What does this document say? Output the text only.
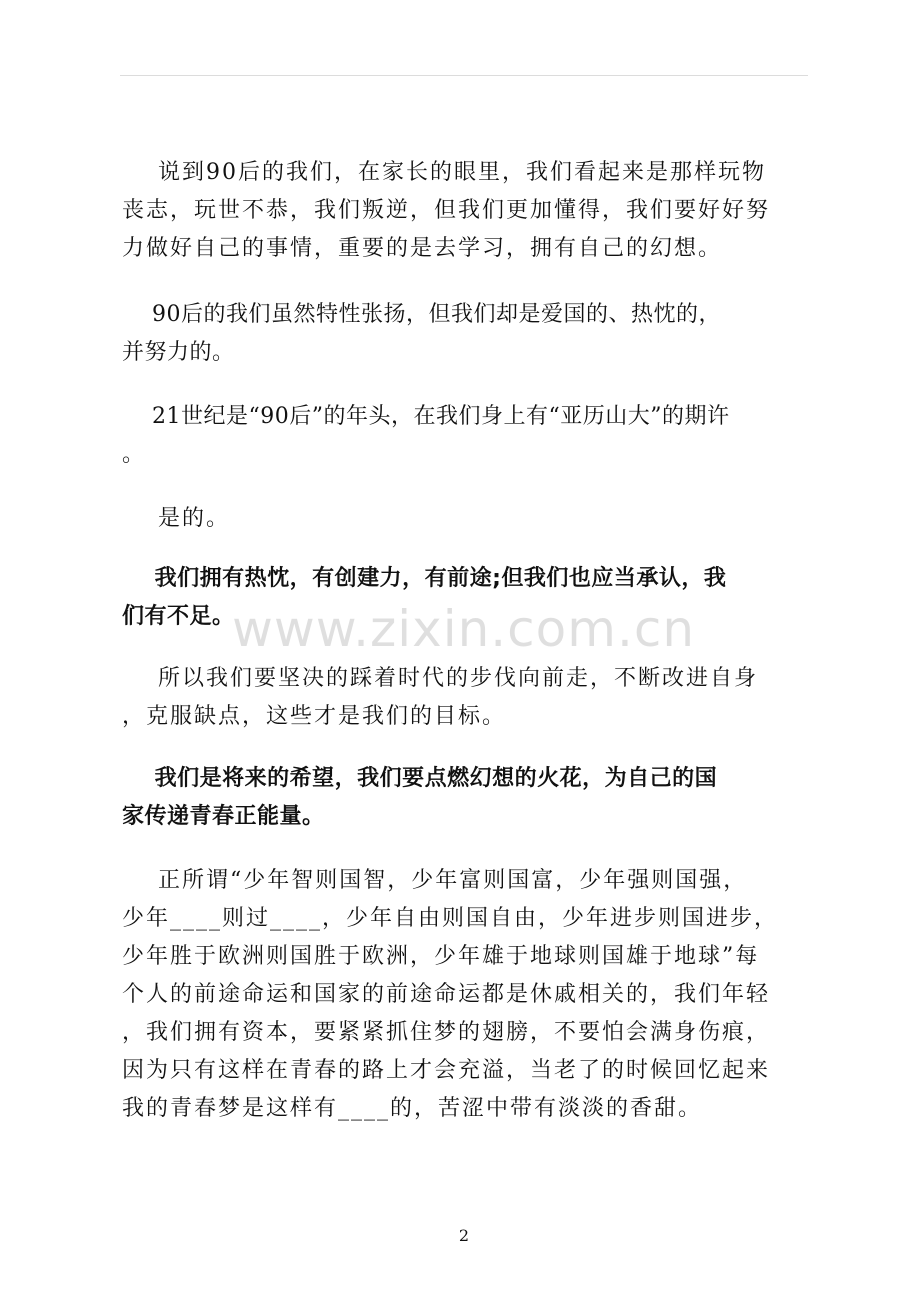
说到90后的我们，在家长的眼里，我们看起来是那样玩物
丧志，玩世不恭，我们叛逆，但我们更加懂得，我们要好好努
力做好自己的事情，重要的是去学习，拥有自己的幻想。
90后的我们虽然特性张扬，但我们却是爱国的、热忱的，
并努力的。
21世纪是“90后”的年头，在我们身上有“亚历山大”的期许
。
是的。
我们拥有热忱，有创建力，有前途;但我们也应当承认，我
们有不足。
所以我们要坚决的踩着时代的步伐向前走，不断改进自身
，克服缺点，这些才是我们的目标。
我们是将来的希望，我们要点燃幻想的火花，为自己的国
家传递青春正能量。
正所谓“少年智则国智，少年富则国富，少年强则国强，
少年____则过____，少年自由则国自由，少年进步则国进步，
少年胜于欧洲则国胜于欧洲，少年雄于地球则国雄于地球”每
个人的前途命运和国家的前途命运都是休戚相关的，我们年轻
，我们拥有资本，要紧紧抓住梦的翅膀，不要怕会满身伤痕，
因为只有这样在青春的路上才会充溢，当老了的时候回忆起来
我的青春梦是这样有____的，苦涩中带有淡淡的香甜。
www.zixin.com.cn
2
